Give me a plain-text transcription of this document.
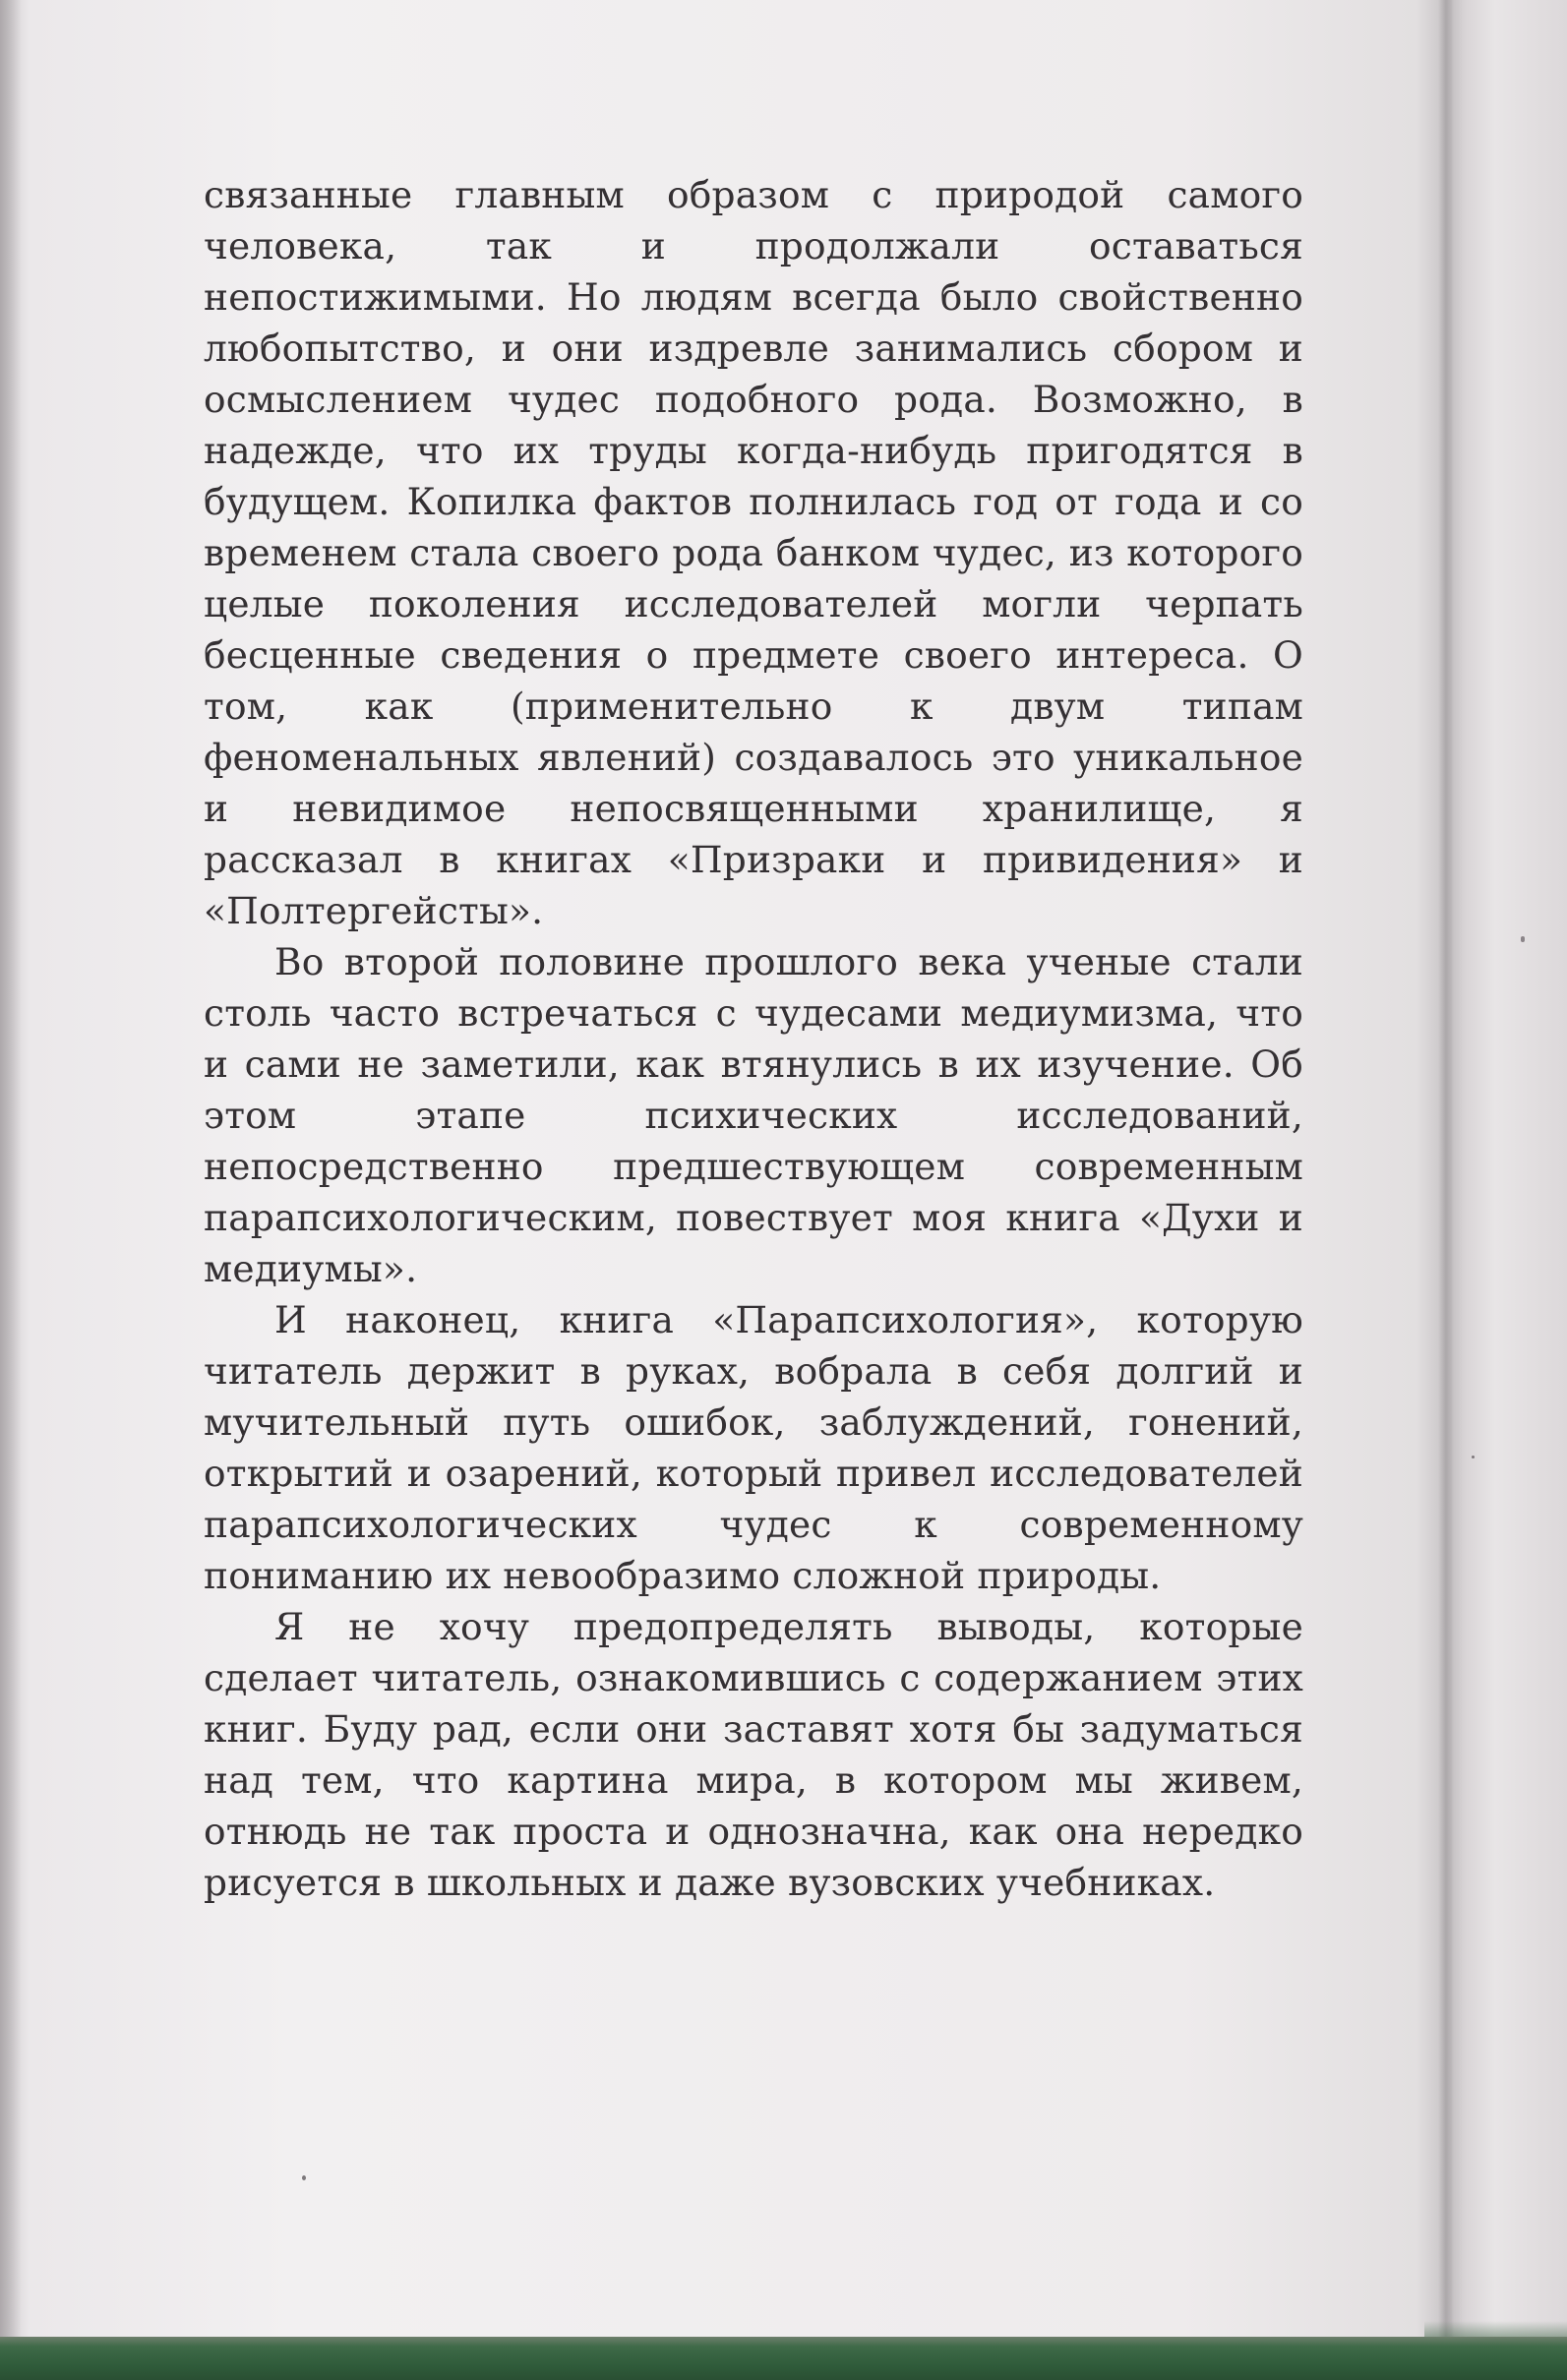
связанные главным образом с природой самого человека, так и продолжали оставаться непостижимыми. Но людям всегда было свойственно любопытство, и они издревле занимались сбором и осмыслением чудес подобного рода. Возможно, в надежде, что их труды когда-нибудь пригодятся в будущем. Копилка фактов полнилась год от года и со временем стала своего рода банком чудес, из которого целые поколения исследователей могли черпать бесценные сведения о предмете своего интереса. О том, как (применительно к двум типам феноменальных явлений) создавалось это уникальное и невидимое непосвященными хранилище, я рассказал в книгах «Призраки и привидения» и «Полтергейсты».

Во второй половине прошлого века ученые стали столь часто встречаться с чудесами медиумизма, что и сами не заметили, как втянулись в их изучение. Об этом этапе психических исследований, непосредственно предшествующем современным парапсихологическим, повествует моя книга «Духи и медиумы».

И наконец, книга «Парапсихология», которую читатель держит в руках, вобрала в себя долгий и мучительный путь ошибок, заблуждений, гонений, открытий и озарений, который привел исследователей парапсихологических чудес к современному пониманию их невообразимо сложной природы.

Я не хочу предопределять выводы, которые сделает читатель, ознакомившись с содержанием этих книг. Буду рад, если они заставят хотя бы задуматься над тем, что картина мира, в котором мы живем, отнюдь не так проста и однозначна, как она нередко рисуется в школьных и даже вузовских учебниках.
